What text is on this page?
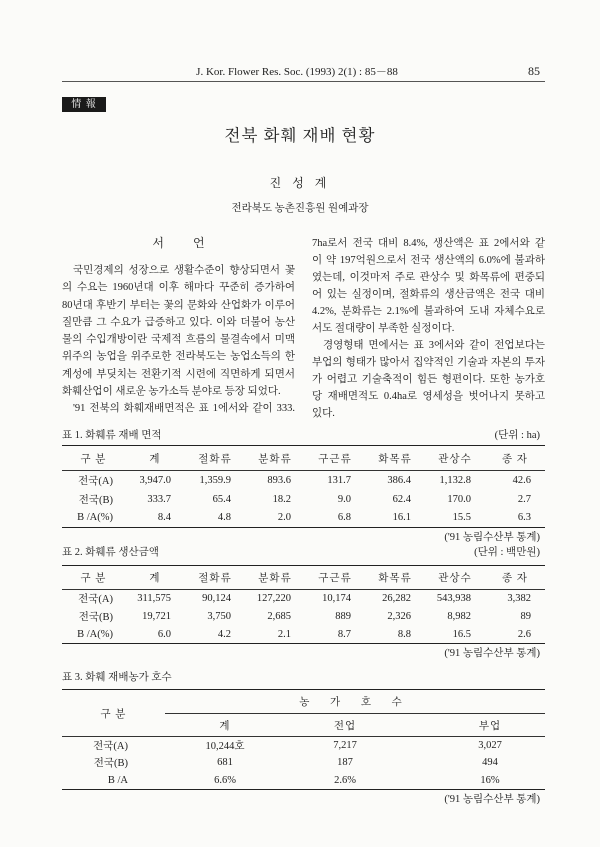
J. Kor. Flower Res. Soc. (1993) 2(1) : 85－88	85
情 報
전북 화훼 재배 현황
진 성 계
전라북도 농촌진흥원 원예과장
서 언
국민경제의 성장으로 생활수준이 향상되면서 꽃
의 수요는 1960년대 이후 해마다 꾸준히 증가하여
80년대 후반기 부터는 꽃의 문화와 산업화가 이루어
질만큼 그 수요가 급증하고 있다. 이와 더불어 농산
물의 수입개방이란 국제적 흐름의 물결속에서 미맥
위주의 농업을 위주로한 전라북도는 농업소득의 한
계성에 부딪치는 전환기적 시련에 직면하게 되면서
화훼산업이 새로운 농가소득 분야로 등장 되었다.
'91 전북의 화훼재배면적은 표 1에서와 같이 333.
7ha로서 전국 대비 8.4%, 생산액은 표 2에서와 같
이 약 197억원으로서 전국 생산액의 6.0%에 불과하
였는데, 이것마저 주로 관상수 및 화목류에 편중되
어 있는 실정이며, 절화류의 생산금액은 전국 대비
4.2%, 분화류는 2.1%에 불과하여 도내 자체수요로
서도 절대량이 부족한 실정이다.
경영형태 면에서는 표 3에서와 같이 전업보다는
부업의 형태가 많아서 집약적인 기술과 자본의 투자
가 어렵고 기술축적이 힘든 형편이다. 또한 농가호
당 재배면적도 0.4ha로 영세성을 벗어나지 못하고
있다.
표 1. 화훼류 재배 면적	(단위 : ha)
구 분	계	절화류	분화류	구근류	화목류	관상수	종 자
전국(A)	3,947.0	1,359.9	893.6	131.7	386.4	1,132.8	42.6
전국(B)	333.7	65.4	18.2	9.0	62.4	170.0	2.7
B /A(%)	8.4	4.8	2.0	6.8	16.1	15.5	6.3
('91 농림수산부 통계)
표 2. 화훼류 생산금액	(단위 : 백만원)
구 분	계	절화류	분화류	구근류	화목류	관상수	종 자
전국(A)	311,575	90,124	127,220	10,174	26,282	543,938	3,382
전국(B)	19,721	3,750	2,685	889	2,326	8,982	89
B /A(%)	6.0	4.2	2.1	8.7	8.8	16.5	2.6
('91 농림수산부 통계)
표 3. 화훼 재배농가 호수
구 분	농 가 호 수		
	계	전업	부업
전국(A)	10,244호	7,217	3,027
전국(B)	681	187	494
B /A	6.6%	2.6%	16%
('91 농림수산부 통계)
